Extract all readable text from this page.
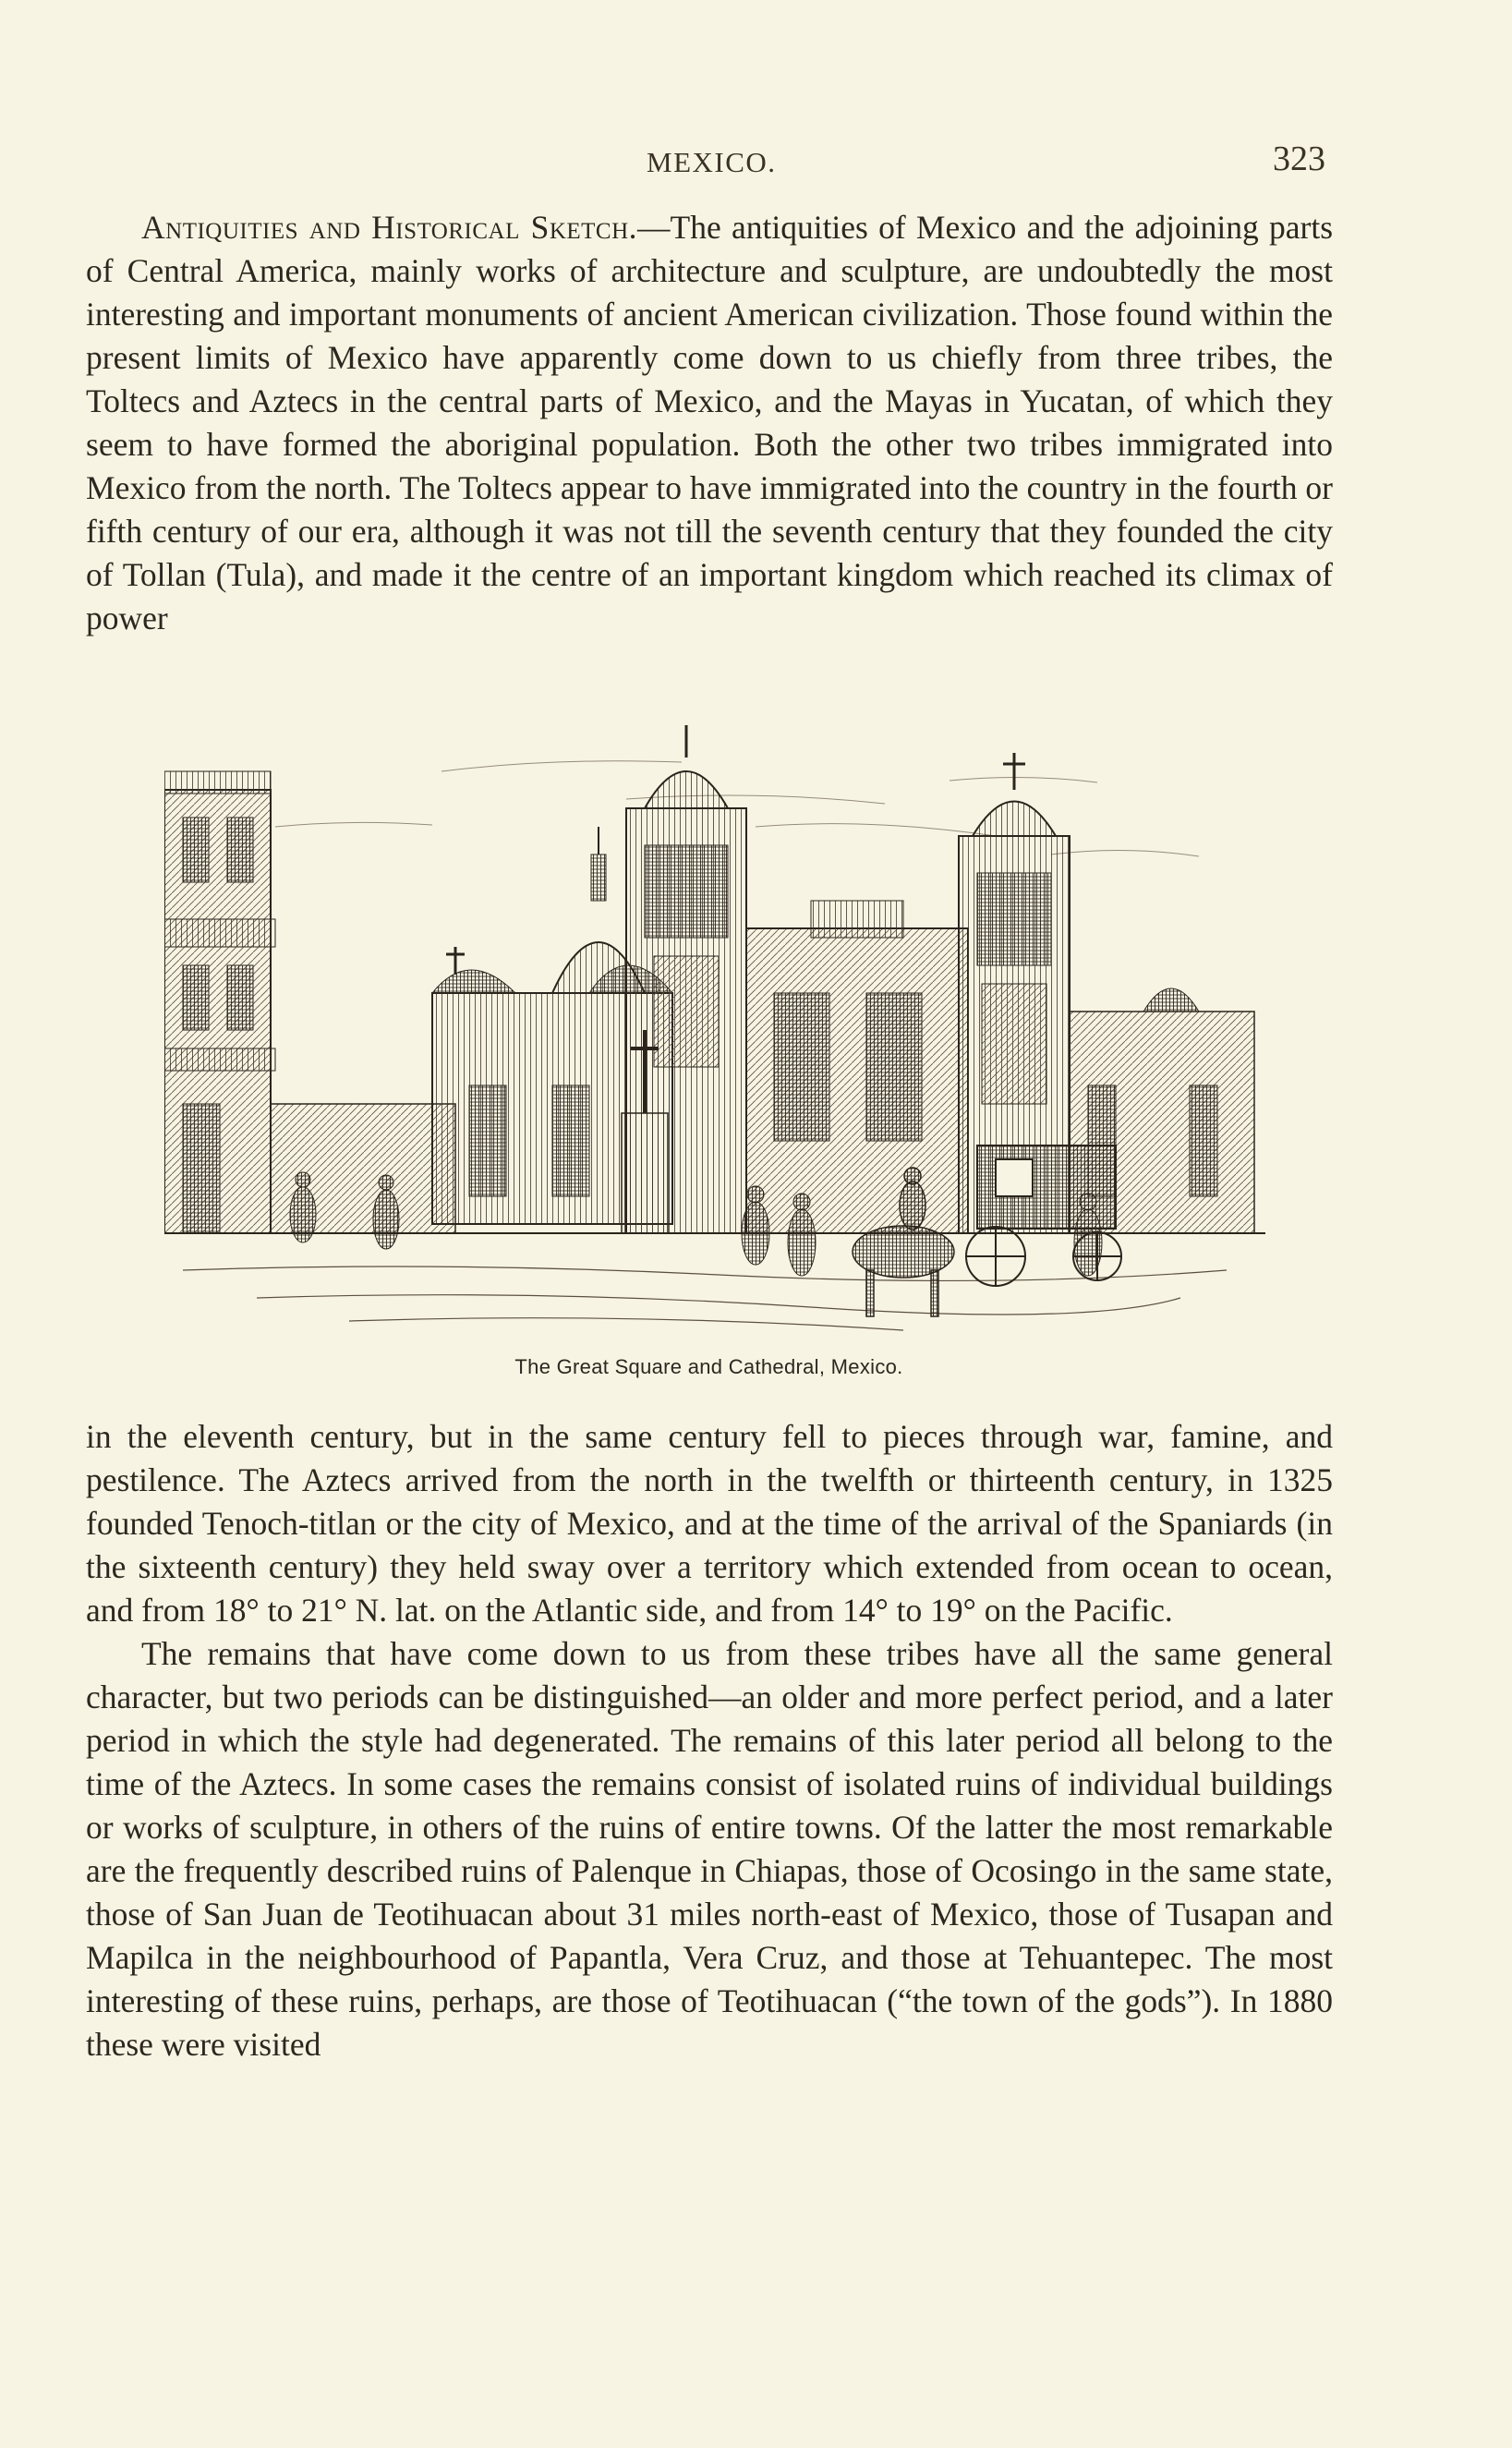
MEXICO.	323

Antiquities and Historical Sketch.—The antiquities of Mexico and the adjoining parts of Central America, mainly works of architecture and sculpture, are undoubtedly the most interesting and important monuments of ancient American civilization. Those found within the present limits of Mexico have apparently come down to us chiefly from three tribes, the Toltecs and Aztecs in the central parts of Mexico, and the Mayas in Yucatan, of which they seem to have formed the aboriginal population. Both the other two tribes immigrated into Mexico from the north. The Toltecs appear to have immigrated into the country in the fourth or fifth century of our era, although it was not till the seventh century that they founded the city of Tollan (Tula), and made it the centre of an important kingdom which reached its climax of power

The Great Square and Cathedral, Mexico.

in the eleventh century, but in the same century fell to pieces through war, famine, and pestilence. The Aztecs arrived from the north in the twelfth or thirteenth century, in 1325 founded Tenoch-titlan or the city of Mexico, and at the time of the arrival of the Spaniards (in the sixteenth century) they held sway over a territory which extended from ocean to ocean, and from 18° to 21° N. lat. on the Atlantic side, and from 14° to 19° on the Pacific.

The remains that have come down to us from these tribes have all the same general character, but two periods can be distinguished—an older and more perfect period, and a later period in which the style had degenerated. The remains of this later period all belong to the time of the Aztecs. In some cases the remains consist of isolated ruins of individual buildings or works of sculpture, in others of the ruins of entire towns. Of the latter the most remarkable are the frequently described ruins of Palenque in Chiapas, those of Ocosingo in the same state, those of San Juan de Teotihuacan about 31 miles north-east of Mexico, those of Tusapan and Mapilca in the neighbourhood of Papantla, Vera Cruz, and those at Tehuantepec. The most interesting of these ruins, perhaps, are those of Teotihuacan (“the town of the gods”). In 1880 these were visited
